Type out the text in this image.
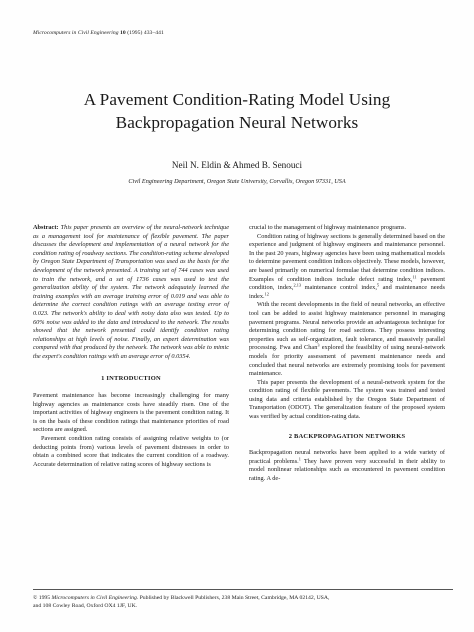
Microcomputers in Civil Engineering 10 (1995) 433–441
A Pavement Condition-Rating Model Using
Backpropagation Neural Networks
Neil N. Eldin & Ahmed B. Senouci
Civil Engineering Department, Oregon State University, Corvallis, Oregon 97331, USA

Abstract: This paper presents an overview of the neural-network technique as a management tool for maintenance of flexible pavement. The paper discusses the development and implementation of a neural network for the condition rating of roadway sections. The condition-rating scheme developed by Oregon State Department of Transportation was used as the basis for the development of the network presented. A training set of 744 cases was used to train the network, and a set of 1736 cases was used to test the generalization ability of the system. The network adequately learned the training examples with an average training error of 0.019 and was able to determine the correct condition ratings with an average testing error of 0.023. The network's ability to deal with noisy data also was tested. Up to 60% noise was added to the data and introduced to the network. The results showed that the network presented could identify condition rating relationships at high levels of noise. Finally, an expert determination was compared with that produced by the network. The network was able to mimic the expert's condition ratings with an average error of 0.0354.

1 INTRODUCTION

Pavement maintenance has become increasingly challenging for many highway agencies as maintenance costs have steadily risen. One of the important activities of highway engineers is the pavement condition rating. It is on the basis of these condition ratings that maintenance priorities of road sections are assigned.

Pavement condition rating consists of assigning relative weights to (or deducting points from) various levels of pavement distresses in order to obtain a combined score that indicates the current condition of a roadway. Accurate determination of relative rating scores of highway sections is

crucial to the management of highway maintenance programs.

Condition rating of highway sections is generally determined based on the experience and judgment of highway engineers and maintenance personnel. In the past 20 years, highway agencies have been using mathematical models to determine pavement condition indices objectively. These models, however, are based primarily on numerical formulae that determine condition indices. Examples of condition indices include defect rating index,$^{11}$ pavement condition, index,$^{2,13}$ maintenance control index,$^5$ and maintenance needs index.$^{12}$

With the recent developments in the field of neural networks, an effective tool can be added to assist highway maintenance personnel in managing pavement programs. Neural networks provide an advantageous technique for determining condition rating for road sections. They possess interesting properties such as self-organization, fault tolerance, and massively parallel processing. Fwa and Chan$^3$ explored the feasibility of using neural-network models for priority assessment of pavement maintenance needs and concluded that neural networks are extremely promising tools for pavement maintenance.

This paper presents the development of a neural-network system for the condition rating of flexible pavements. The system was trained and tested using data and criteria established by the Oregon State Department of Transportation (ODOT). The generalization feature of the proposed system was verified by actual condition-rating data.

2 BACKPROPAGATION NETWORKS

Backpropagation neural networks have been applied to a wide variety of practical problems.$^1$ They have proven very successful in their ability to model nonlinear relationships such as encountered in pavement condition rating. A de-

© 1995 Microcomputers in Civil Engineering. Published by Blackwell Publishers, 238 Main Street, Cambridge, MA 02142, USA,
and 108 Cowley Road, Oxford OX4 1JF, UK.
